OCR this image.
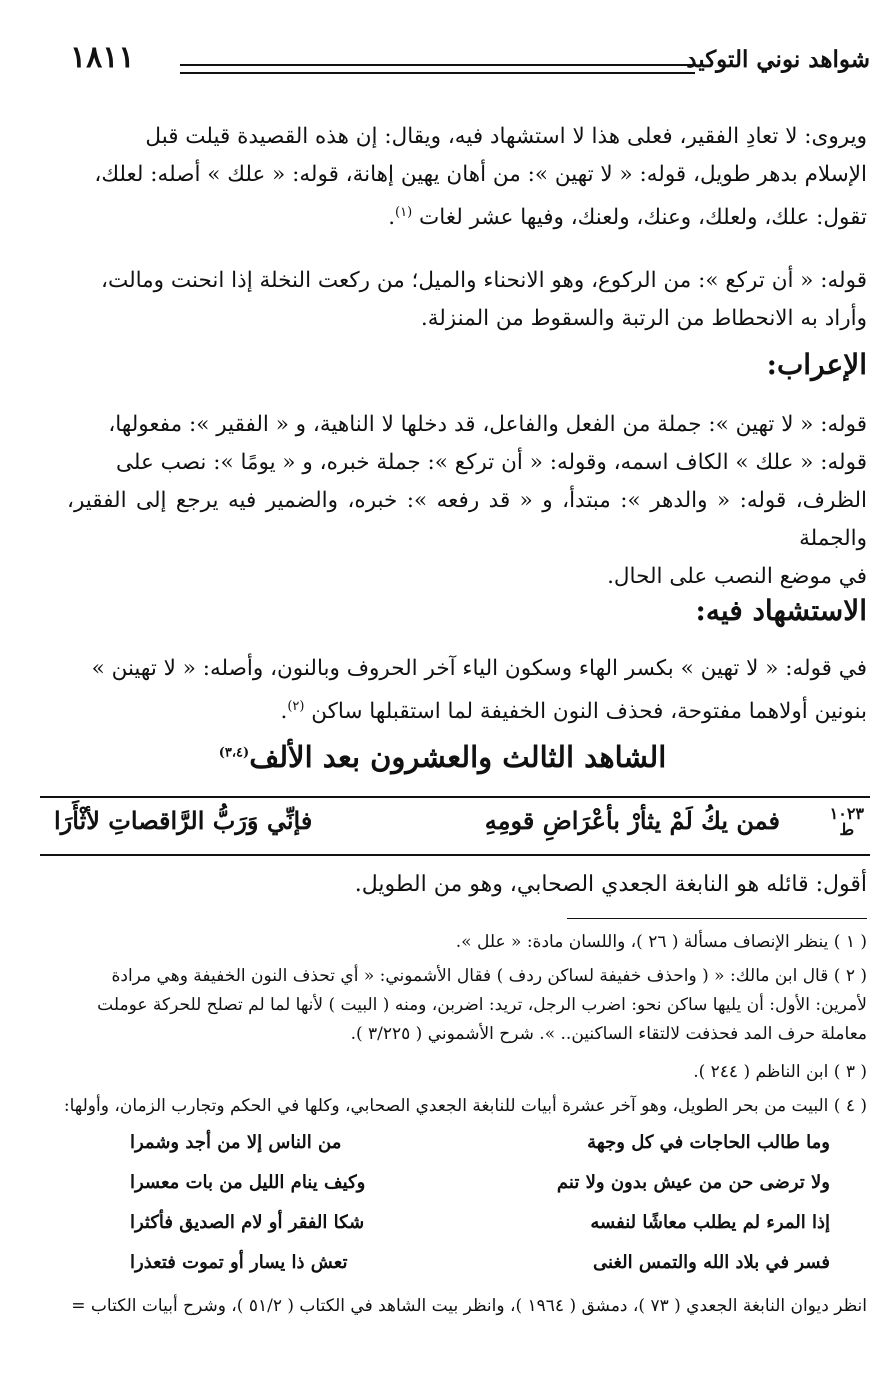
شواهد نوني التوكيد
١٨١١
ويروى: لا تعادِ الفقير، فعلى هذا لا استشهاد فيه، ويقال: إن هذه القصيدة قيلت قبل
الإسلام بدهر طويل، قوله: « لا تهين »: من أهان يهين إهانة، قوله: « علك » أصله: لعلك،
تقول: علك، ولعلك، وعنك، ولعنك، وفيها عشر لغات $^{(١)}$.
قوله: « أن تركع »: من الركوع، وهو الانحناء والميل؛ من ركعت النخلة إذا انحنت ومالت،
وأراد به الانحطاط من الرتبة والسقوط من المنزلة.
الإعراب:
قوله: « لا تهين »: جملة من الفعل والفاعل، قد دخلها لا الناهية، و « الفقير »: مفعولها،
قوله: « علك » الكاف اسمه، وقوله: « أن تركع »: جملة خبره، و « يومًا »: نصب على
الظرف، قوله: « والدهر »: مبتدأ، و « قد رفعه »: خبره، والضمير فيه يرجع إلى الفقير، والجملة
في موضع النصب على الحال.
الاستشهاد فيه:
في قوله: « لا تهين » بكسر الهاء وسكون الياء آخر الحروف وبالنون، وأصله: « لا تهينن »
بنونين أولاهما مفتوحة، فحذف النون الخفيفة لما استقبلها ساكن $^{(٢)}$.
الشاهد الثالث والعشرون بعد الألف$^{(٣،٤)}$
١٠٢٣
ط
فمن يكُ لَمْ يثأرْ بأعْرَاضِ قومِهِ
فإنِّي وَرَبُّ الرَّاقصاتِ لأثْأَرَا
أقول: قائله هو النابغة الجعدي الصحابي، وهو من الطويل.
( ١ ) ينظر الإنصاف مسألة ( ٢٦ )، واللسان مادة: « علل ».
( ٢ ) قال ابن مالك: « ( واحذف خفيفة لساكن ردف ) فقال الأشموني: « أي تحذف النون الخفيفة وهي مرادة
لأمرين: الأول: أن يليها ساكن نحو: اضرب الرجل، تريد: اضربن، ومنه ( البيت ) لأنها لما لم تصلح للحركة عوملت
معاملة حرف المد فحذفت لالتقاء الساكنين.. ». شرح الأشموني ( ٣/٢٢٥ ).
( ٣ ) ابن الناظم ( ٢٤٤ ).
( ٤ ) البيت من بحر الطويل، وهو آخر عشرة أبيات للنابغة الجعدي الصحابي، وكلها في الحكم وتجارب الزمان، وأولها:
وما طالب الحاجات في كل وجهة
من الناس إلا من أجد وشمرا
ولا ترضى حن من عيش بدون ولا تنم
وكيف ينام الليل من بات معسرا
إذا المرء لم يطلب معاشًا لنفسه
شكا الفقر أو لام الصديق فأكثرا
فسر في بلاد الله والتمس الغنى
تعش ذا يسار أو تموت فتعذرا
انظر ديوان النابغة الجعدي ( ٧٣ )، دمشق ( ١٩٦٤ )، وانظر بيت الشاهد في الكتاب ( ٥١/٢ )، وشرح أبيات الكتاب =
